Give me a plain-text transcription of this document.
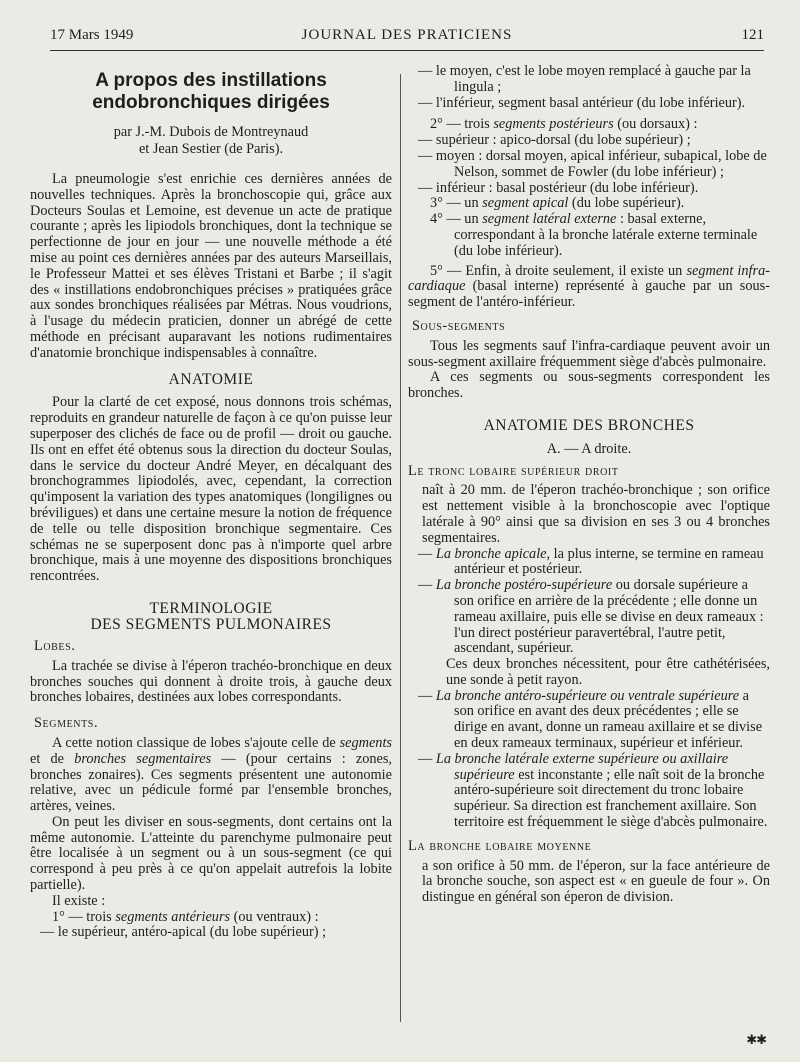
17 Mars 1949	JOURNAL DES PRATICIENS	121
A propos des instillations
endobronchiques dirigées
par J.-M. Dubois de Montreynaud
et Jean Sestier (de Paris).

La pneumologie s'est enrichie ces dernières années de nouvelles techniques. Après la bronchoscopie qui, grâce aux Docteurs Soulas et Lemoine, est devenue un acte de pratique courante ; après les lipiodols bronchiques, dont la technique se perfectionne de jour en jour — une nouvelle méthode a été mise au point ces dernières années par des auteurs Marseillais, le Professeur Mattei et ses élèves Tristani et Barbe ; il s'agit des « instillations endobronchiques précises » pratiquées grâce aux sondes bronchiques réalisées par Métras. Nous voudrions, à l'usage du médecin praticien, donner un abrégé de cette méthode en précisant auparavant les notions rudimentaires d'anatomie bronchique indispensables à connaître.

ANATOMIE

Pour la clarté de cet exposé, nous donnons trois schémas, reproduits en grandeur naturelle de façon à ce qu'on puisse leur superposer des clichés de face ou de profil — droit ou gauche. Ils ont en effet été obtenus sous la direction du docteur Soulas, dans le service du docteur André Meyer, en décalquant des bronchogrammes lipiodolés, avec, cependant, la correction qu'imposent la variation des types anatomiques (longilignes ou bréviligues) et dans une certaine mesure la notion de fréquence de telle ou telle disposition bronchique segmentaire. Ces schémas ne se superposent donc pas à n'importe quel arbre bronchique, mais à une moyenne des dispositions bronchiques rencontrées.

TERMINOLOGIE
DES SEGMENTS PULMONAIRES
Lobes.

La trachée se divise à l'éperon trachéo-bronchique en deux bronches souches qui donnent à droite trois, à gauche deux bronches lobaires, destinées aux lobes correspondants.

Segments.

A cette notion classique de lobes s'ajoute celle de segments et de bronches segmentaires — (pour certains : zones, bronches zonaires). Ces segments présentent une autonomie relative, avec un pédicule formé par l'ensemble bronches, artères, veines.

On peut les diviser en sous-segments, dont certains ont la même autonomie. L'atteinte du parenchyme pulmonaire peut être localisée à un segment ou à un sous-segment (ce qui correspond à peu près à ce qu'on appelait autrefois la lobite partielle).

Il existe :

1° — trois segments antérieurs (ou ventraux) :

— le supérieur, antéro-apical (du lobe supérieur) ;

— le moyen, c'est le lobe moyen remplacé à gauche par la lingula ;

— l'inférieur, segment basal antérieur (du lobe inférieur).

2° — trois segments postérieurs (ou dorsaux) :

— supérieur : apico-dorsal (du lobe supérieur) ;

— moyen : dorsal moyen, apical inférieur, subapical, lobe de Nelson, sommet de Fowler (du lobe inférieur) ;

— inférieur : basal postérieur (du lobe inférieur).

3° — un segment apical (du lobe supérieur).

4° — un segment latéral externe : basal externe, correspondant à la bronche latérale externe terminale (du lobe inférieur).

5° — Enfin, à droite seulement, il existe un segment infra-cardiaque (basal interne) représenté à gauche par un sous-segment de l'antéro-inférieur.

Sous-segments

Tous les segments sauf l'infra-cardiaque peuvent avoir un sous-segment axillaire fréquemment siège d'abcès pulmonaire.

A ces segments ou sous-segments correspondent les bronches.

ANATOMIE DES BRONCHES
A. — A droite.
Le tronc lobaire supérieur droit

naît à 20 mm. de l'éperon trachéo-bronchique ; son orifice est nettement visible à la bronchoscopie avec l'optique latérale à 90° ainsi que sa division en ses 3 ou 4 bronches segmentaires.

— La bronche apicale, la plus interne, se termine en rameau antérieur et postérieur.

— La bronche postéro-supérieure ou dorsale supérieure a son orifice en arrière de la précédente ; elle donne un rameau axillaire, puis elle se divise en deux rameaux : l'un direct postérieur paravertébral, l'autre petit, ascendant, supérieur.

Ces deux bronches nécessitent, pour être cathétérisées, une sonde à petit rayon.

— La bronche antéro-supérieure ou ventrale supérieure a son orifice en avant des deux précédentes ; elle se dirige en avant, donne un rameau axillaire et se divise en deux rameaux terminaux, supérieur et inférieur.

— La bronche latérale externe supérieure ou axillaire supérieure est inconstante ; elle naît soit de la bronche antéro-supérieure soit directement du tronc lobaire supérieur. Sa direction est franchement axillaire. Son territoire est fréquemment le siège d'abcès pulmonaire.

La bronche lobaire moyenne

a son orifice à 50 mm. de l'éperon, sur la face antérieure de la bronche souche, son aspect est « en gueule de four ». On distingue en général son éperon de division.

✱✱
